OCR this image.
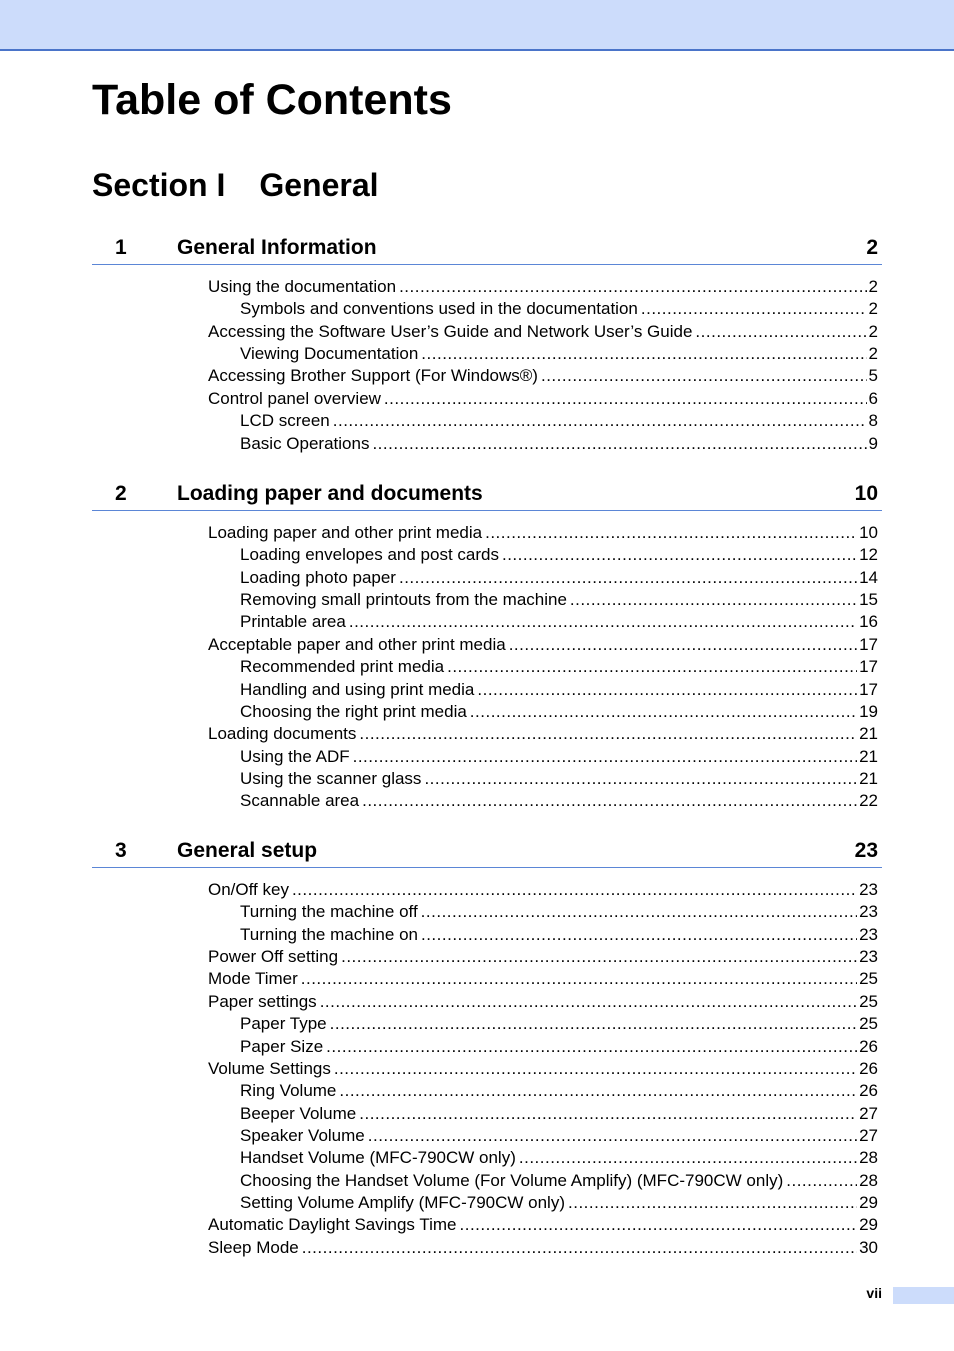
Table of Contents
Section I General
1 General Information	2
Using the documentation .....	2
Symbols and conventions used in the documentation .....	2
Accessing the Software User’s Guide and Network User’s Guide .....	2
Viewing Documentation .....	2
Accessing Brother Support (For Windows®) .....	5
Control panel overview .....	6
LCD screen .....	8
Basic Operations .....	9
2 Loading paper and documents	10
Loading paper and other print media .....	10
Loading envelopes and post cards .....	12
Loading photo paper .....	14
Removing small printouts from the machine .....	15
Printable area .....	16
Acceptable paper and other print media .....	17
Recommended print media .....	17
Handling and using print media .....	17
Choosing the right print media .....	19
Loading documents .....	21
Using the ADF .....	21
Using the scanner glass .....	21
Scannable area .....	22
3 General setup	23
On/Off key .....	23
Turning the machine off .....	23
Turning the machine on .....	23
Power Off setting .....	23
Mode Timer .....	25
Paper settings .....	25
Paper Type .....	25
Paper Size .....	26
Volume Settings .....	26
Ring Volume .....	26
Beeper Volume .....	27
Speaker Volume .....	27
Handset Volume (MFC-790CW only) .....	28
Choosing the Handset Volume (For Volume Amplify) (MFC-790CW only) .....	28
Setting Volume Amplify (MFC-790CW only) .....	29
Automatic Daylight Savings Time .....	29
Sleep Mode .....	30
vii
